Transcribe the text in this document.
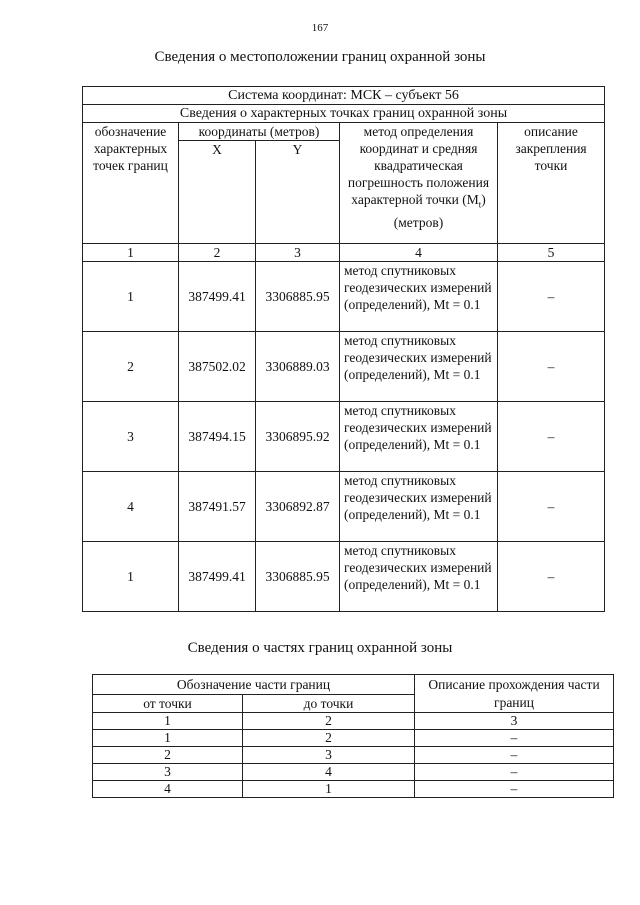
167
Сведения о местоположении границ охранной зоны
Система координат: МСК – субъект 56				
Сведения о характерных точках границ охранной зоны				
обозначение характерных точек границ	координаты (метров)		метод определения координат и средняя квадратическая погрешность положения характерной точки $(M_t)$ (метров)	описание закрепления точки
	X	Y		
1	2	3	4	5
1	387499.41	3306885.95	метод спутниковых геодезических измерений (определений), Mt = 0.1	–
2	387502.02	3306889.03	метод спутниковых геодезических измерений (определений), Mt = 0.1	–
3	387494.15	3306895.92	метод спутниковых геодезических измерений (определений), Mt = 0.1	–
4	387491.57	3306892.87	метод спутниковых геодезических измерений (определений), Mt = 0.1	–
1	387499.41	3306885.95	метод спутниковых геодезических измерений (определений), Mt = 0.1	–
Сведения о частях границ охранной зоны
Обозначение части границ		Описание прохождения части границ
от точки	до точки	
1	2	3
1	2	–
2	3	–
3	4	–
4	1	–
